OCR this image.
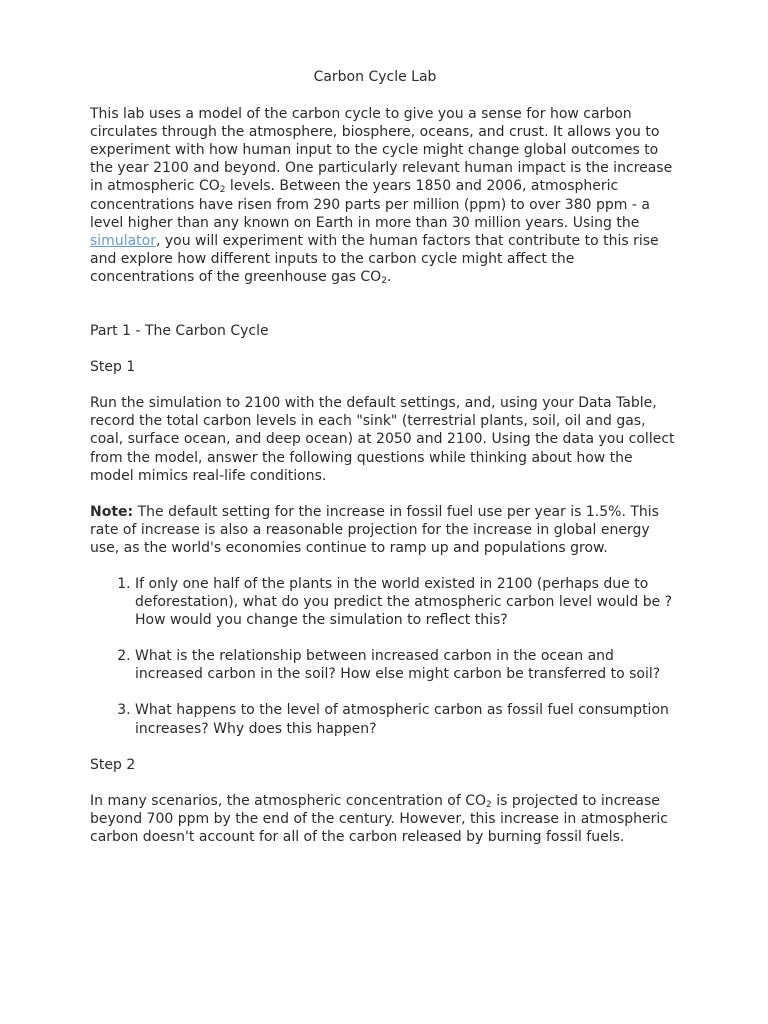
Carbon Cycle Lab

This lab uses a model of the carbon cycle to give you a sense for how carbon circulates through the atmosphere, biosphere, oceans, and crust. It allows you to experiment with how human input to the cycle might change global outcomes to the year 2100 and beyond. One particularly relevant human impact is the increase in atmospheric $CO_2$ levels. Between the years 1850 and 2006, atmospheric concentrations have risen from 290 parts per million (ppm) to over 380 ppm - a level higher than any known on Earth in more than 30 million years. Using the simulator, you will experiment with the human factors that contribute to this rise and explore how different inputs to the carbon cycle might affect the concentrations of the greenhouse gas $CO_2$.

Part 1 - The Carbon Cycle

Step 1

Run the simulation to 2100 with the default settings, and, using your Data Table, record the total carbon levels in each "sink" (terrestrial plants, soil, oil and gas, coal, surface ocean, and deep ocean) at 2050 and 2100. Using the data you collect from the model, answer the following questions while thinking about how the model mimics real-life conditions.

Note: The default setting for the increase in fossil fuel use per year is 1.5%. This rate of increase is also a reasonable projection for the increase in global energy use, as the world's economies continue to ramp up and populations grow.

1. If only one half of the plants in the world existed in 2100 (perhaps due to deforestation), what do you predict the atmospheric carbon level would be ? How would you change the simulation to reflect this?
2. What is the relationship between increased carbon in the ocean and increased carbon in the soil? How else might carbon be transferred to soil?
3. What happens to the level of atmospheric carbon as fossil fuel consumption increases? Why does this happen?

Step 2

In many scenarios, the atmospheric concentration of $CO_2$ is projected to increase beyond 700 ppm by the end of the century. However, this increase in atmospheric carbon doesn't account for all of the carbon released by burning fossil fuels.
